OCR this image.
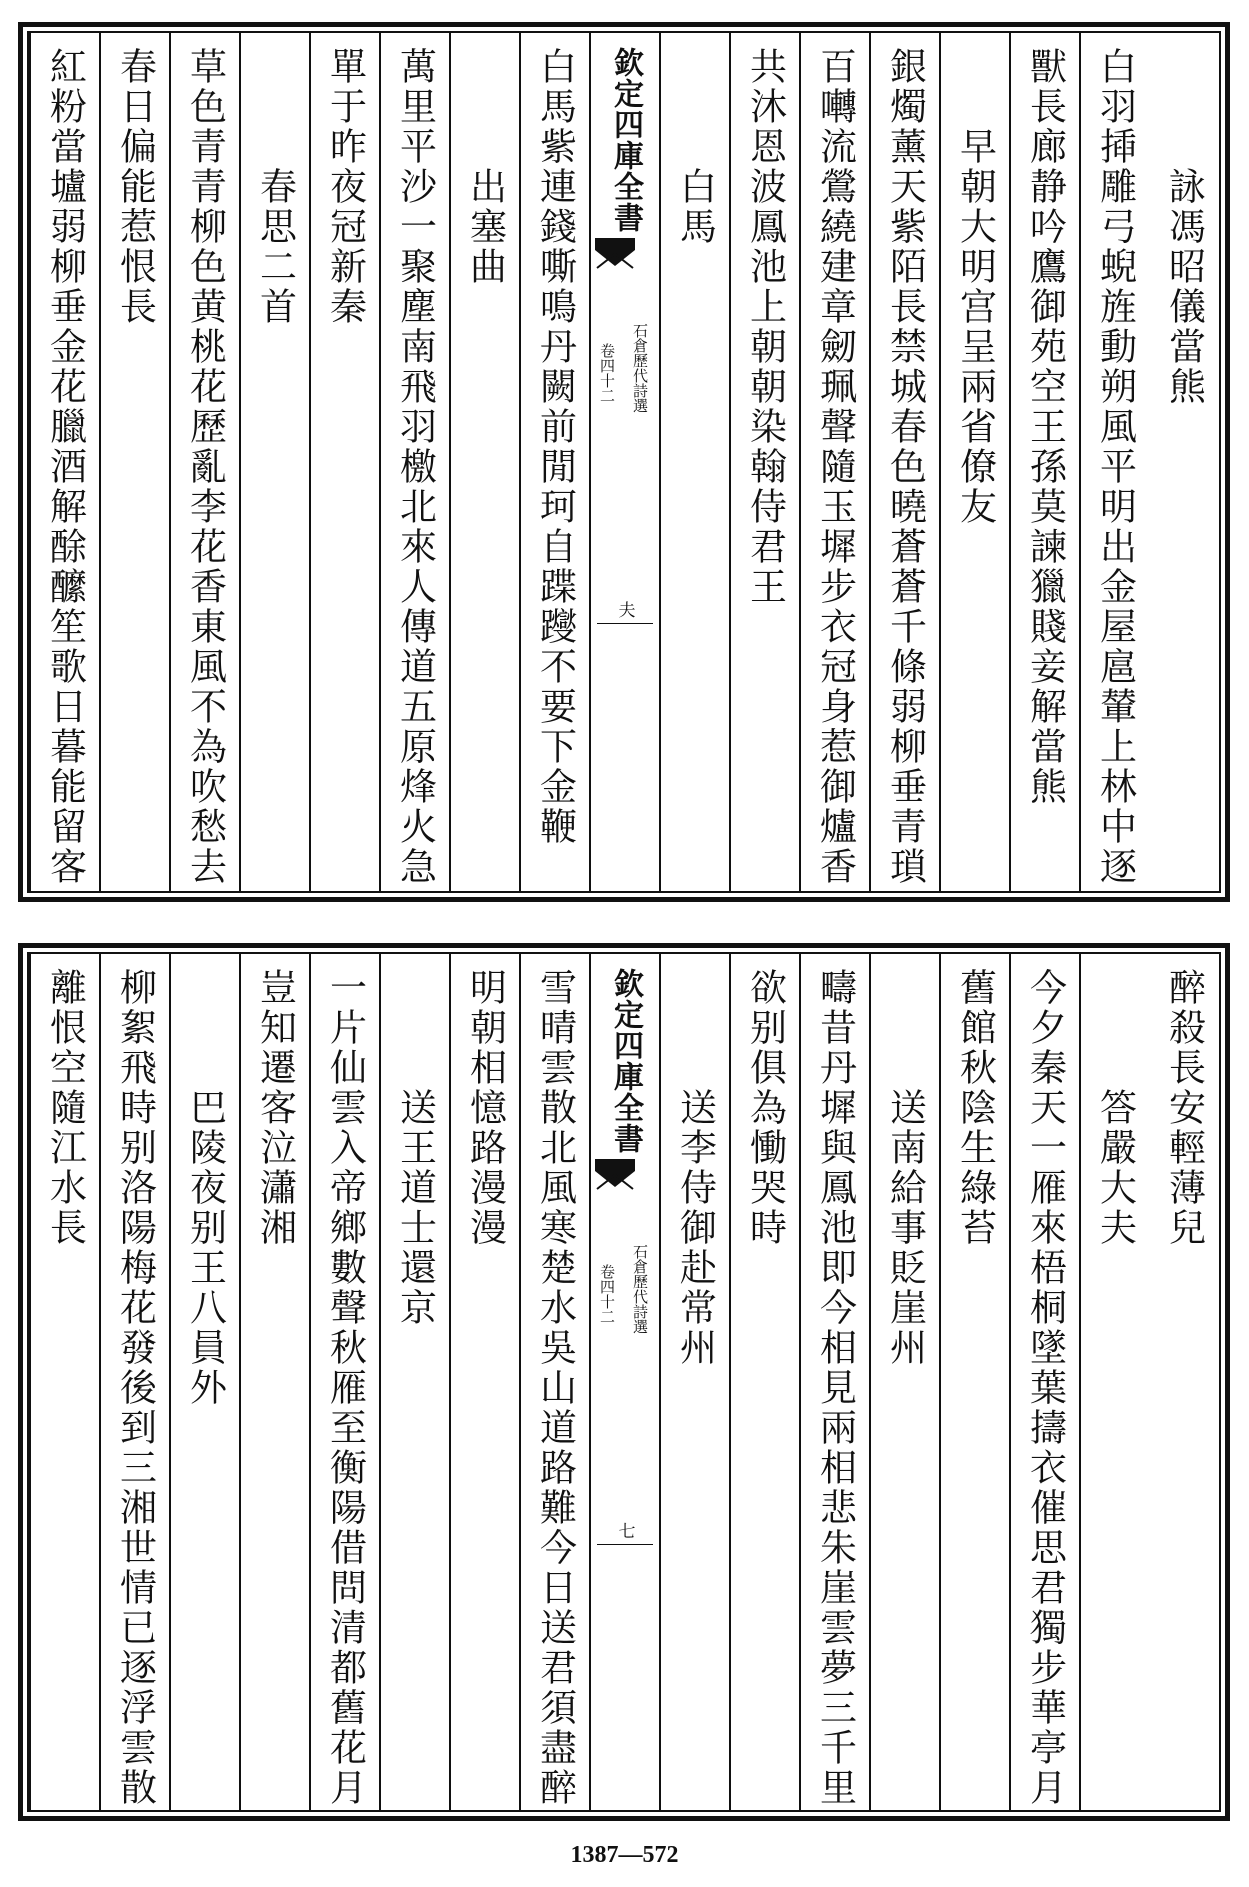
詠馮昭儀當熊
白羽揷雕弓蜺旌動朔風平明出金屋扈輦上林中逐
獸長廊静吟鷹御苑空王孫莫諫獵賤妾解當熊
早朝大明宫呈兩省僚友
銀燭薰天紫陌長禁城春色曉蒼蒼千條弱柳垂青瑣
百囀流鶯繞建章劒珮聲隨玉墀步衣冠身惹御爐香
共沐恩波鳳池上朝朝染翰侍君王
白馬
欽定四庫全書
石倉歷代詩選
卷四十二
夫
白馬紫連錢嘶鳴丹闕前閒珂自蹀躞不要下金鞭
出塞曲
萬里平沙一聚塵南飛羽檄北來人傳道五原烽火急
單于昨夜冠新秦
春思二首
草色青青柳色黄桃花歷亂李花香東風不為吹愁去
春日偏能惹恨長
紅粉當壚弱柳垂金花臘酒解酴醿笙歌日暮能留客
醉殺長安輕薄兒
答嚴大夫
今夕秦天一雁來梧桐墜葉擣衣催思君獨步華亭月
舊館秋陰生綠苔
送南給事貶崖州
疇昔丹墀與鳳池即今相見兩相悲朱崖雲夢三千里
欲别俱為慟哭時
送李侍御赴常州
欽定四庫全書
石倉歷代詩選
卷四十二
七
雪晴雲散北風寒楚水吳山道路難今日送君須盡醉
明朝相憶路漫漫
送王道士還京
一片仙雲入帝鄉數聲秋雁至衡陽借問清都舊花月
豈知遷客泣瀟湘
巴陵夜别王八員外
柳絮飛時别洛陽梅花發後到三湘世情已逐浮雲散
離恨空隨江水長
1387—572
